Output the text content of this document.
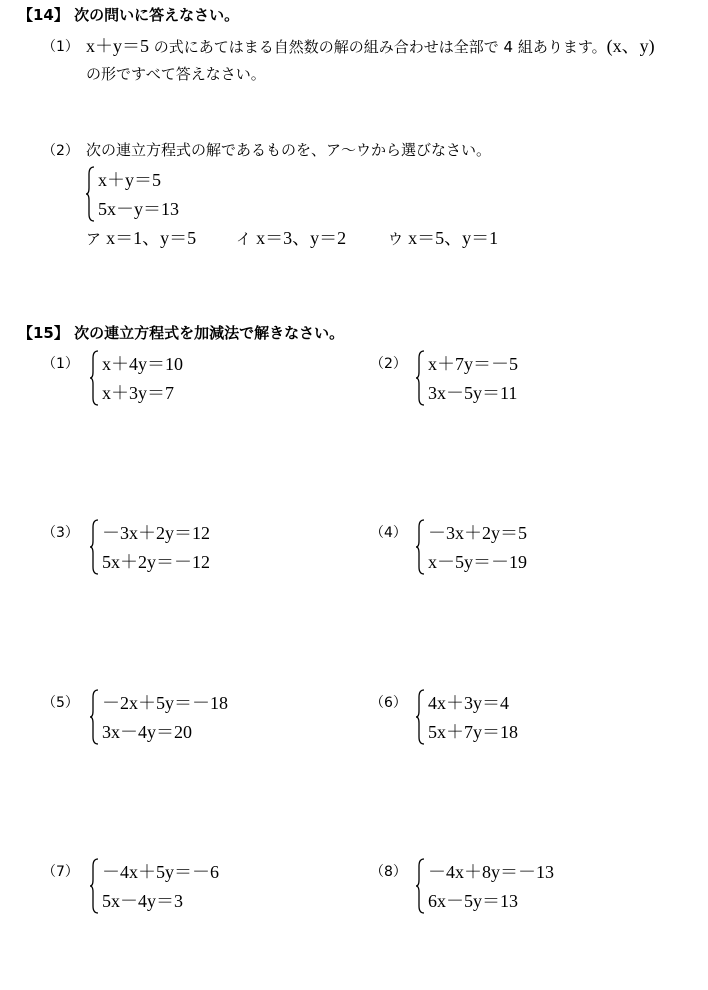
【14】 次の問いに答えなさい。
（1） x＋y＝5 の式にあてはまる自然数の解の組み合わせは全部で 4 組あります。(x、y)
の形ですべて答えなさい。
（2） 次の連立方程式の解であるものを、ア～ウから選びなさい。
x＋y＝5
5x－y＝13
ア x＝1、y＝5	イ x＝3、y＝2	ウ x＝5、y＝1
【15】 次の連立方程式を加減法で解きなさい。
（1） x＋4y＝10
x＋3y＝7
（2） x＋7y＝－5
3x－5y＝11
（3） －3x＋2y＝12
5x＋2y＝－12
（4） －3x＋2y＝5
x－5y＝－19
（5） －2x＋5y＝－18
3x－4y＝20
（6） 4x＋3y＝4
5x＋7y＝18
（7） －4x＋5y＝－6
5x－4y＝3
（8） －4x＋8y＝－13
6x－5y＝13
